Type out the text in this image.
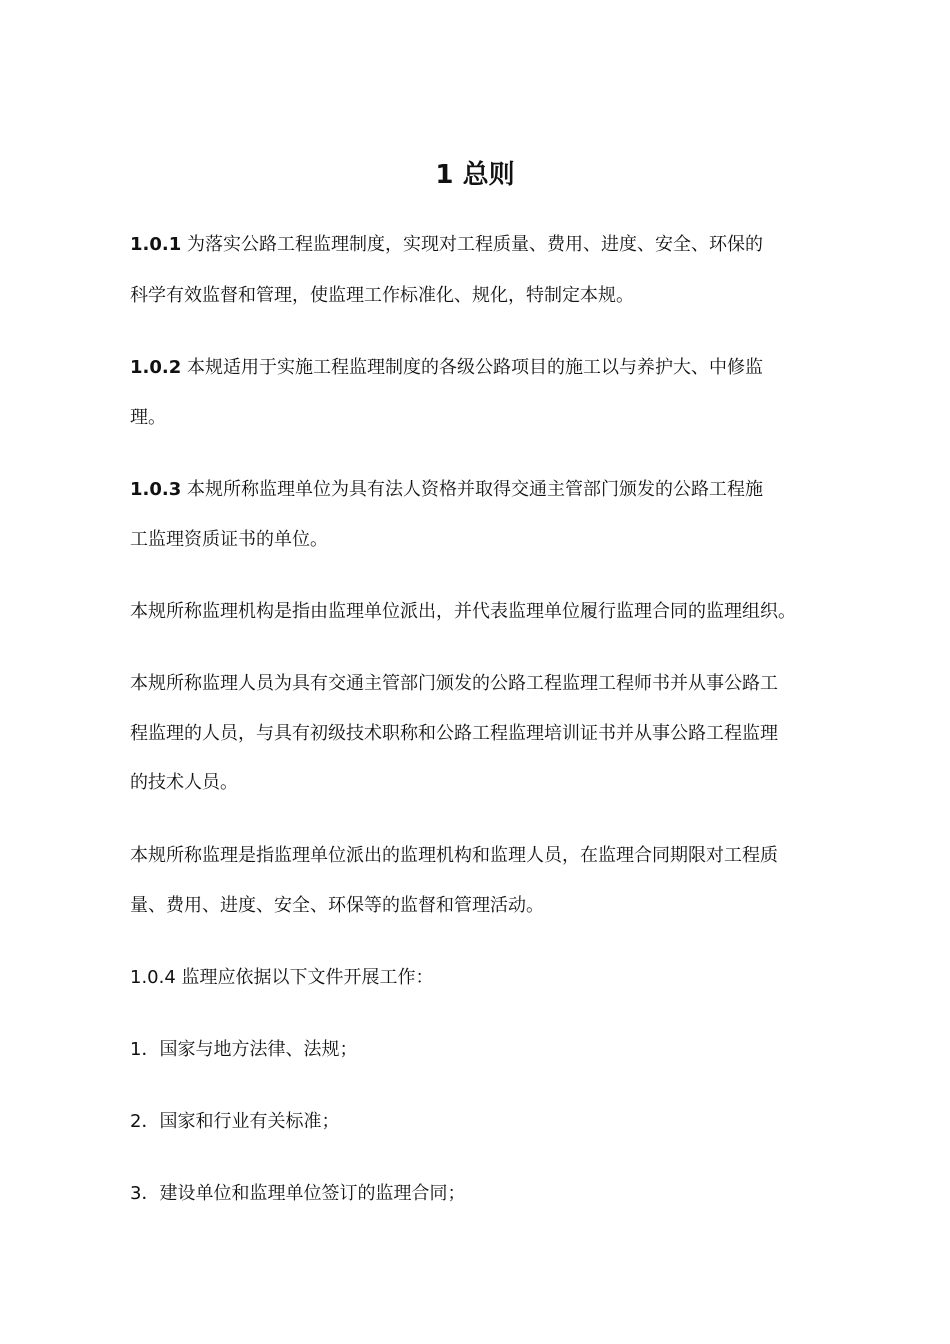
1 总则
1.0.1 为落实公路工程监理制度，实现对工程质量、费用、进度、安全、环保的
科学有效监督和管理，使监理工作标准化、规化，特制定本规。
1.0.2 本规适用于实施工程监理制度的各级公路项目的施工以与养护大、中修监
理。
1.0.3 本规所称监理单位为具有法人资格并取得交通主管部门颁发的公路工程施
工监理资质证书的单位。
本规所称监理机构是指由监理单位派出，并代表监理单位履行监理合同的监理组织。
本规所称监理人员为具有交通主管部门颁发的公路工程监理工程师书并从事公路工
程监理的人员，与具有初级技术职称和公路工程监理培训证书并从事公路工程监理
的技术人员。
本规所称监理是指监理单位派出的监理机构和监理人员，在监理合同期限对工程质
量、费用、进度、安全、环保等的监督和管理活动。
1.0.4 监理应依据以下文件开展工作：
1．国家与地方法律、法规；
2．国家和行业有关标准；
3．建设单位和监理单位签订的监理合同；
